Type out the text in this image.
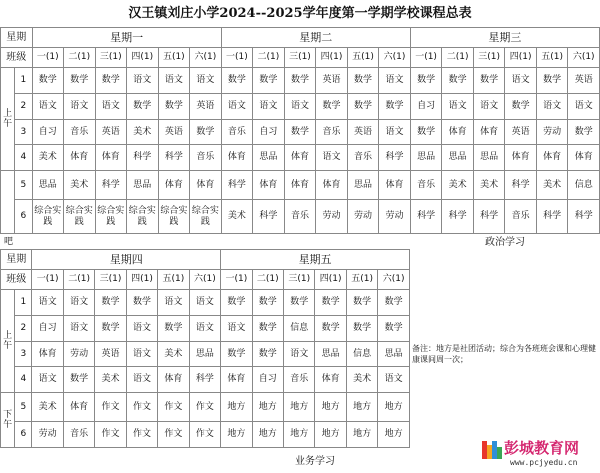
汉王镇刘庄小学2024--2025学年度第一学期学校课程总表
星期		星期一						星期二						星期三					
班级		一(1)	二(1)	三(1)	四(1)	五(1)	六(1)	一(1)	二(1)	三(1)	四(1)	五(1)	六(1)	一(1)	二(1)	三(1)	四(1)	五(1)	六(1)
上午	1	数学	数学	数学	语文	语文	语文	数学	数学	数学	英语	数学	语文	数学	数学	数学	语文	数学	英语
	2	语文	语文	语文	数学	数学	英语	语文	语文	语文	数学	数学	数学	自习	语文	语文	数学	语文	语文
	3	自习	音乐	英语	美术	英语	数学	音乐	自习	数学	音乐	英语	语文	数学	体育	体育	英语	劳动	数学
	4	美术	体育	体育	科学	科学	音乐	体育	思品	体育	语文	音乐	科学	思品	思品	思品	体育	体育	体育
	5	思品	美术	科学	思品	体育	体育	科学	体育	体育	体育	思品	体育	音乐	美术	美术	科学	美术	信息
	6	综合实践	综合实践	综合实践	综合实践	综合实践	综合实践	美术	科学	音乐	劳动	劳动	劳动	科学	科学	科学	音乐	科学	科学
政治学习
吧
星期		星期四						星期五					
班级		一(1)	二(1)	三(1)	四(1)	五(1)	六(1)	一(1)	二(1)	三(1)	四(1)	五(1)	六(1)
上午	1	语文	语文	数学	数学	语文	语文	数学	数学	数学	数学	数学	数学
	2	自习	语文	数学	语文	数学	语文	语文	数学	信息	数学	数学	数学
	3	体育	劳动	英语	语文	美术	思品	数学	数学	语文	思品	信息	思品
	4	语文	数学	美术	语文	体育	科学	体育	自习	音乐	体育	美术	语文
下午	5	美术	体育	作文	作文	作文	作文	地方	地方	地方	地方	地方	地方
	6	劳动	音乐	作文	作文	作文	作文	地方	地方	地方	地方	地方	地方
业务学习
备注：地方是社团活动；综合为各班班会课和心理健康课间周一次；
彭城教育网
www.pcjyedu.cn
